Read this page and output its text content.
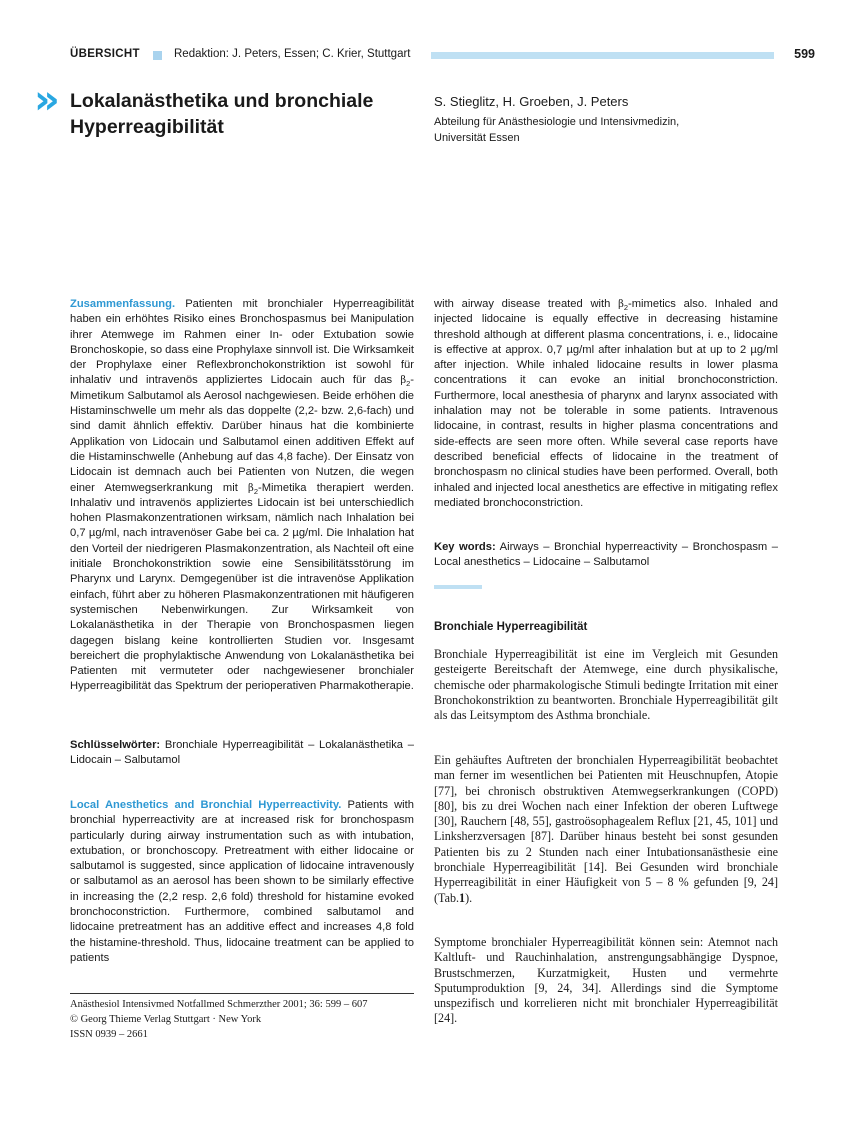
ÜBERSICHT	Redaktion: J. Peters, Essen; C. Krier, Stuttgart	599
» Lokalanästhetika und bronchiale
Hyperreagibilität
S. Stieglitz, H. Groeben, J. Peters
Abteilung für Anästhesiologie und Intensivmedizin,
Universität Essen

Zusammenfassung. Patienten mit bronchialer Hyperreagibilität haben ein erhöhtes Risiko eines Bronchospasmus bei Manipulation ihrer Atemwege im Rahmen einer In- oder Extubation sowie Bronchoskopie, so dass eine Prophylaxe sinnvoll ist. Die Wirksamkeit der Prophylaxe einer Reflexbronchokonstriktion ist sowohl für inhalativ und intravenös appliziertes Lidocain auch für das $\beta_2-$ Mimetikum Salbutamol als Aerosol nachgewiesen. Beide erhöhen die Histaminschwelle um mehr als das doppelte (2,2- bzw. 2,6-fach) und sind damit ähnlich effektiv. Darüber hinaus hat die kombinierte Applikation von Lidocain und Salbutamol einen additiven Effekt auf die Histaminschwelle (Anhebung auf das 4,8 fache). Der Einsatz von Lidocain ist demnach auch bei Patienten von Nutzen, die wegen einer Atemwegserkrankung mit $\beta_2$-Mimetika therapiert werden. Inhalativ und intravenös appliziertes Lidocain ist bei unterschiedlich hohen Plasmakonzentrationen wirksam, nämlich nach Inhalation bei 0,7 µg/ml, nach intravenöser Gabe bei ca. 2 µg/ml. Die Inhalation hat den Vorteil der niedrigeren Plasmakonzentration, als Nachteil oft eine initiale Bronchokonstriktion sowie eine Sensibilitätsstörung im Pharynx und Larynx. Demgegenüber ist die intravenöse Applikation einfach, führt aber zu höheren Plasmakonzentrationen mit häufigeren systemischen Nebenwirkungen. Zur Wirksamkeit von Lokalanästhetika in der Therapie von Bronchospasmen liegen dagegen bislang keine kontrollierten Studien vor. Insgesamt bereichert die prophylaktische Anwendung von Lokalanästhetika bei Patienten mit vermuteter oder nachgewiesener bronchialer Hyperreagibilität das Spektrum der perioperativen Pharmakotherapie.

Schlüsselwörter: Bronchiale Hyperreagibilität – Lokalanästhetika – Lidocain – Salbutamol

Local Anesthetics and Bronchial Hyperreactivity. Patients with bronchial hyperreactivity are at increased risk for bronchospasm particularly during airway instrumentation such as with intubation, extubation, or bronchoscopy. Pretreatment with either lidocaine or salbutamol is suggested, since application of lidocaine intravenously or salbutamol as an aerosol has been shown to be similarly effective in increasing the (2,2 resp. 2,6 fold) threshold for histamine evoked bronchoconstriction. Furthermore, combined salbutamol and lidocaine pretreatment has an additive effect and increases 4,8 fold the histamine-threshold. Thus, lidocaine treatment can be applied to patients

with airway disease treated with $\beta_2$-mimetics also. Inhaled and injected lidocaine is equally effective in decreasing histamine threshold although at different plasma concentrations, i. e., lidocaine is effective at approx. 0,7 µg/ml after inhalation but at up to 2 µg/ml after injection. While inhaled lidocaine results in lower plasma concentrations it can evoke an initial bronchoconstriction. Furthermore, local anesthesia of pharynx and larynx associated with inhalation may not be tolerable in some patients. Intravenous lidocaine, in contrast, results in higher plasma concentrations and side-effects are seen more often. While several case reports have described beneficial effects of lidocaine in the treatment of bronchospasm no clinical studies have been performed. Overall, both inhaled and injected local anesthetics are effective in mitigating reflex mediated bronchoconstriction.

Key words: Airways – Bronchial hyperreactivity – Bronchospasm – Local anesthetics – Lidocaine – Salbutamol

Bronchiale Hyperreagibilität
Bronchiale Hyperreagibilität ist eine im Vergleich mit Gesunden gesteigerte Bereitschaft der Atemwege, eine durch physikalische, chemische oder pharmakologische Stimuli bedingte Irritation mit einer Bronchokonstriktion zu beantworten. Bronchiale Hyperreagibilität gilt als das Leitsymptom des Asthma bronchiale.
Ein gehäuftes Auftreten der bronchialen Hyperreagibilität beobachtet man ferner im wesentlichen bei Patienten mit Heuschnupfen, Atopie [77], bei chronisch obstruktiven Atemwegserkrankungen (COPD) [80], bis zu drei Wochen nach einer Infektion der oberen Luftwege [30], Rauchern [48, 55], gastroösophagealem Reflux [21, 45, 101] und Linksherzversagen [87]. Darüber hinaus besteht bei sonst gesunden Patienten bis zu 2 Stunden nach einer Intubationsanästhesie eine bronchiale Hyperreagibilität [14]. Bei Gesunden wird bronchiale Hyperreagibilität in einer Häufigkeit von 5 – 8 % gefunden [9, 24] (Tab.1).
Symptome bronchialer Hyperreagibilität können sein: Atemnot nach Kaltluft- und Rauchinhalation, anstrengungsabhängige Dyspnoe, Brustschmerzen, Kurzatmigkeit, Husten und vermehrte Sputumproduktion [9, 24, 34]. Allerdings sind die Symptome unspezifisch und korrelieren nicht mit bronchialer Hyperreagibilität [24].
Anästhesiol Intensivmed Notfallmed Schmerzther 2001; 36: 599 – 607
© Georg Thieme Verlag Stuttgart · New York
ISSN 0939 – 2661
